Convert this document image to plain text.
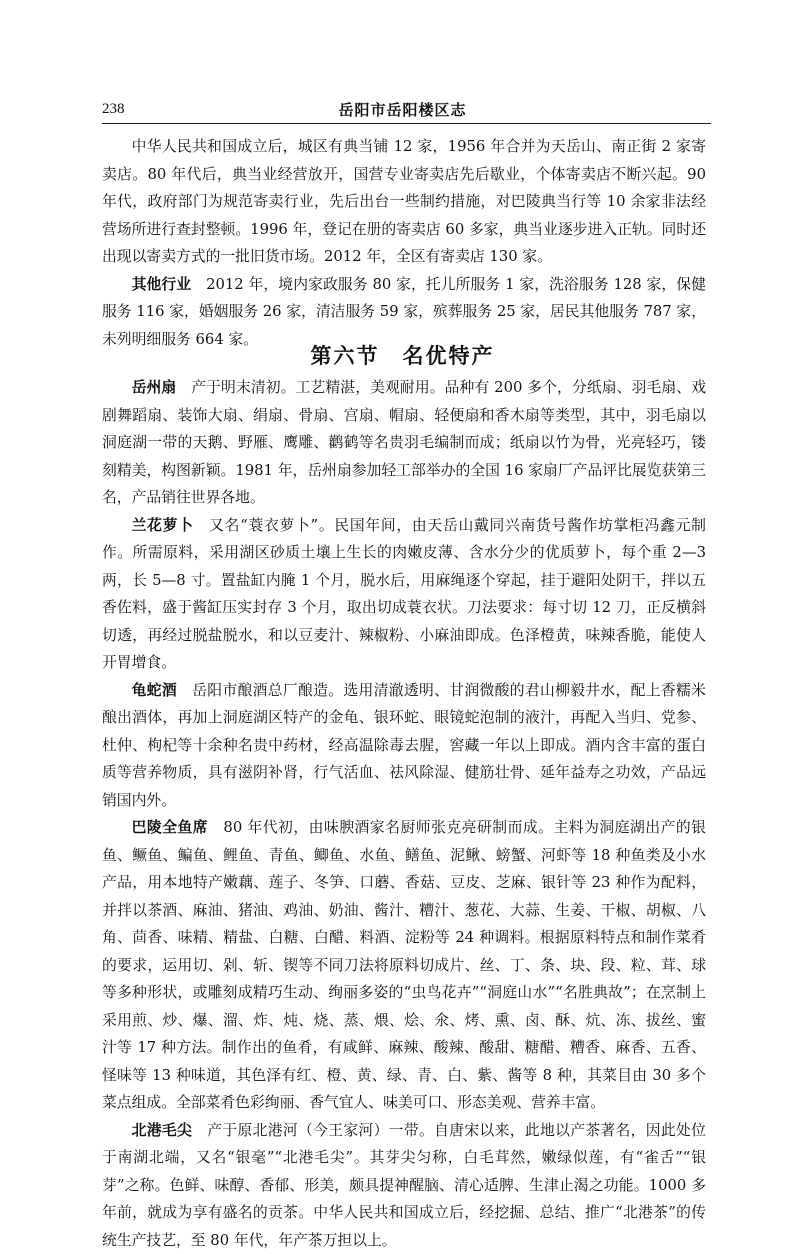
238	岳阳市岳阳楼区志

中华人民共和国成立后，城区有典当铺 12 家，1956 年合并为天岳山、南正街 2 家寄卖店。80 年代后，典当业经营放开，国营专业寄卖店先后歇业，个体寄卖店不断兴起。90 年代，政府部门为规范寄卖行业，先后出台一些制约措施，对巴陵典当行等 10 余家非法经营场所进行查封整顿。1996 年，登记在册的寄卖店 60 多家，典当业逐步进入正轨。同时还出现以寄卖方式的一批旧货市场。2012 年，全区有寄卖店 130 家。

其他行业　2012 年，境内家政服务 80 家，托儿所服务 1 家，洗浴服务 128 家，保健服务 116 家，婚姻服务 26 家，清洁服务 59 家，殡葬服务 25 家，居民其他服务 787 家，未列明细服务 664 家。

第六节　名优特产

岳州扇　产于明末清初。工艺精湛，美观耐用。品种有 200 多个，分纸扇、羽毛扇、戏剧舞蹈扇、装饰大扇、绢扇、骨扇、宫扇、帽扇、轻便扇和香木扇等类型，其中，羽毛扇以洞庭湖一带的天鹅、野雁、鹰雕、鹳鹤等名贵羽毛编制而成；纸扇以竹为骨，光亮轻巧，镂刻精美，构图新颖。1981 年，岳州扇参加轻工部举办的全国 16 家扇厂产品评比展览获第三名，产品销往世界各地。

兰花萝卜　又名“蓑衣萝卜”。民国年间，由天岳山戴同兴南货号酱作坊掌柜冯鑫元制作。所需原料，采用湖区砂质土壤上生长的肉嫩皮薄、含水分少的优质萝卜，每个重 2—3 两，长 5—8 寸。置盐缸内腌 1 个月，脱水后，用麻绳逐个穿起，挂于避阳处阴干，拌以五香佐料，盛于酱缸压实封存 3 个月，取出切成蓑衣状。刀法要求：每寸切 12 刀，正反横斜切透，再经过脱盐脱水，和以豆麦汁、辣椒粉、小麻油即成。色泽橙黄，味辣香脆，能使人开胃增食。

龟蛇酒　岳阳市酿酒总厂酿造。选用清澈透明、甘润微酸的君山柳毅井水，配上香糯米酿出酒体，再加上洞庭湖区特产的金龟、银环蛇、眼镜蛇泡制的液汁，再配入当归、党参、杜仲、枸杞等十余种名贵中药材，经高温除毒去腥，窖藏一年以上即成。酒内含丰富的蛋白质等营养物质，具有滋阴补肾，行气活血、祛风除湿、健筋壮骨、延年益寿之功效，产品远销国内外。

巴陵全鱼席　80 年代初，由味腴酒家名厨师张克亮研制而成。主料为洞庭湖出产的银鱼、鳜鱼、鳊鱼、鲤鱼、青鱼、鲫鱼、水鱼、鳝鱼、泥鳅、螃蟹、河虾等 18 种鱼类及小水产品，用本地特产嫩藕、莲子、冬笋、口蘑、香菇、豆皮、芝麻、银针等 23 种作为配料，并拌以茶酒、麻油、猪油、鸡油、奶油、酱汁、糟汁、葱花、大蒜、生姜、干椒、胡椒、八角、茴香、味精、精盐、白糖、白醋、料酒、淀粉等 24 种调料。根据原料特点和制作菜肴的要求，运用切、剁、斩、锲等不同刀法将原料切成片、丝、丁、条、块、段、粒、茸、球等多种形状，或雕刻成精巧生动、绚丽多姿的“虫鸟花卉”“洞庭山水”“名胜典故”；在烹制上采用煎、炒、爆、溜、炸、炖、烧、蒸、煨、烩、氽、烤、熏、卤、酥、炕、冻、拔丝、蜜汁等 17 种方法。制作出的鱼肴，有咸鲜、麻辣、酸辣、酸甜、糖醋、糟香、麻香、五香、怪味等 13 种味道，其色泽有红、橙、黄、绿、青、白、紫、酱等 8 种，其菜目由 30 多个菜点组成。全部菜肴色彩绚丽、香气宜人、味美可口、形态美观、营养丰富。

北港毛尖　产于原北港河（今王家河）一带。自唐宋以来，此地以产茶著名，因此处位于南湖北端，又名“银毫”“北港毛尖”。其芽尖匀称，白毛茸然，嫩绿似莲，有“雀舌”“银芽”之称。色鲜、味醇、香郁、形美，颇具提神醒脑、清心适脾、生津止渴之功能。1000 多年前，就成为享有盛名的贡茶。中华人民共和国成立后，经挖掘、总结、推广“北港茶”的传统生产技艺，至 80 年代，年产茶万担以上。
